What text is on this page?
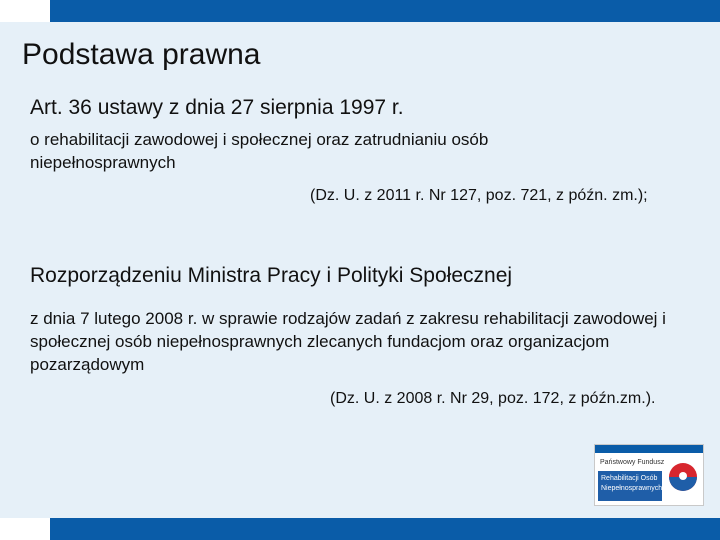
Podstawa prawna
Art. 36 ustawy z dnia 27 sierpnia 1997 r.
o rehabilitacji zawodowej i społecznej oraz zatrudnianiu osób niepełnosprawnych
(Dz. U. z 2011 r. Nr 127, poz. 721, z późn. zm.);
Rozporządzeniu Ministra Pracy i Polityki Społecznej
z dnia 7 lutego 2008 r. w sprawie rodzajów zadań z zakresu rehabilitacji zawodowej i społecznej osób niepełnosprawnych zlecanych fundacjom oraz organizacjom pozarządowym
(Dz. U. z 2008 r. Nr 29, poz. 172, z późn.zm.).
Państwowy Fundusz
Rehabilitacji Osób
Niepełnosprawnych
